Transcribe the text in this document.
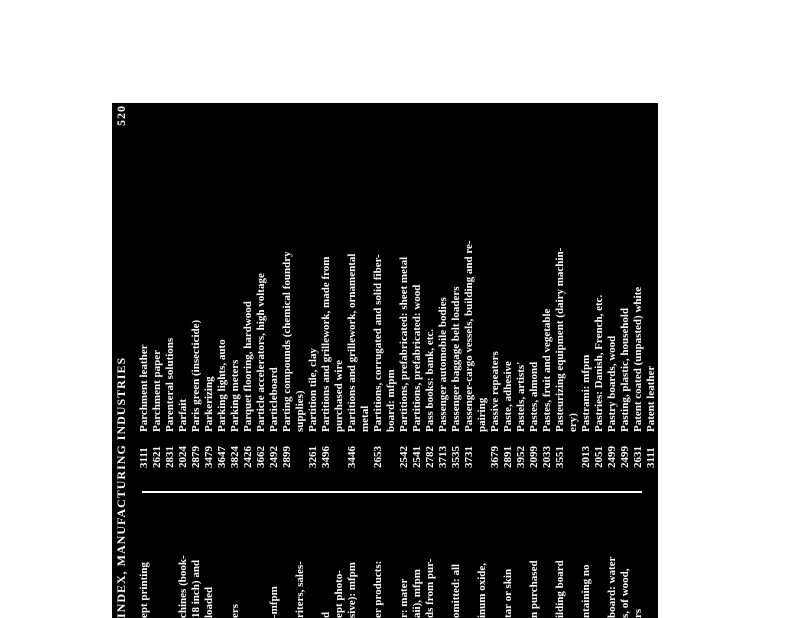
INDEX, MANUFACTURING INDUSTRIES
520
ept printing chines (book- 18 inch) and loaded ers -mfpm riters, sales- d ept photo- sive): mfpm er products: r: mater aii), mfpm ds from pur- omitted: all inum oxide, tar or skin n purchased ilding board ntaining no board: water s, of wood, rs ept stationary	etroleum re- s, paste, and s metal
3111
Parchment leather
2621
Parchment paper
2831
Parenteral solutions
2024
Parfait
2879
Paris green (insecticide)
3479
Parkerizing
3647
Parking lights, auto
3824
Parking meters
2426
Parquet flooring, hardwood
3662
Particle accelerators, high voltage
2492
Particleboard
2899
Parting compounds (chemical foundry supplies)
3261
Partition tile, clay
3496
Partitions and grillework, made from purchased wire
3446
Partitions and grillework, ornamental metal
2653
Partitions, corrugated and solid fiber- board: mfpm
2542
Partitions, prefabricated: sheet metal
2541
Partitions, prefabricated: wood
2782
Pass books: bank, etc.
3713
Passenger automobile bodies
3535
Passenger baggage belt loaders
3731
Passenger-cargo vessels, building and re- pairing
3679
Passive repeaters
2891
Paste, adhesive
3952
Pastels, artists'
2099
Pastes, almond
2033
Pastes, fruit and vegetable
3551
Pasteurizing equipment (dairy machin- ery)
2013
Pastrami: mfpm
2051
Pastries: Danish, French, etc.
2499
Pastry boards, wood
2499
Pasting, plastic, household
2631
Patent coated (unpasted) white
3111
Patent leather
3843
Patient monitoring equipment
3711
Patrol wagons (motor vehicles)
3553
Pattern makers' machinery (woodwork- ing)
3463
Patterns on metal
3565
Patterns, industrial
2499
Patterns, last sole: regardless of material
2741
Patterns, paper: publishing and printing, or publishing only
3599
Patterns, shoe
3821
Pavers
